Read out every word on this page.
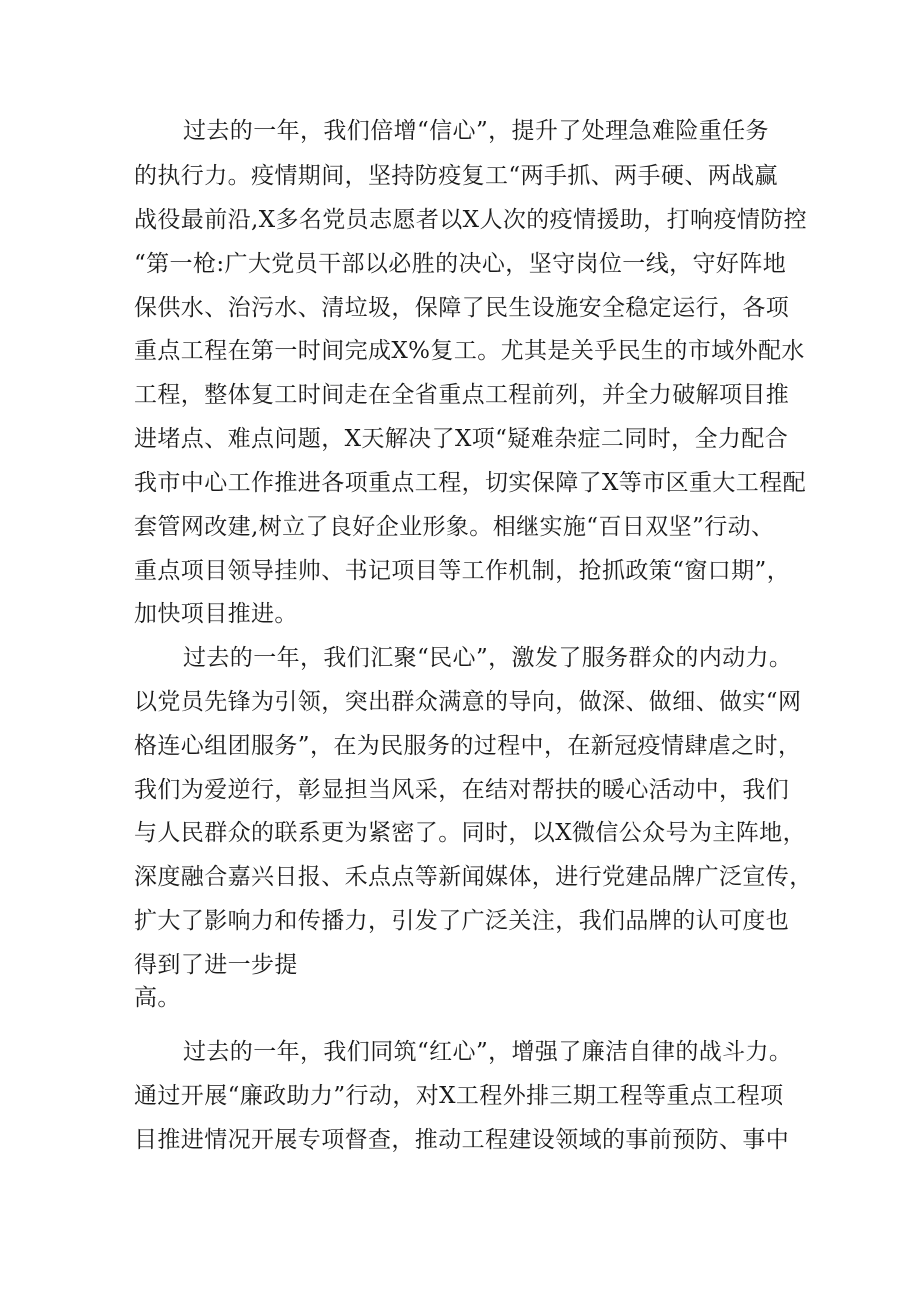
过去的一年，我们倍增“信心”，提升了处理急难险重任务

的执行力。疫情期间，坚持防疫复工“两手抓、两手硬、两战赢

战役最前沿,X多名党员志愿者以X人次的疫情援助，打响疫情防控

“第一枪:广大党员干部以必胜的决心，坚守岗位一线，守好阵地

保供水、治污水、清垃圾，保障了民生设施安全稳定运行，各项

重点工程在第一时间完成X%复工。尤其是关乎民生的市域外配水

工程，整体复工时间走在全省重点工程前列，并全力破解项目推

进堵点、难点问题，X天解决了X项“疑难杂症二同时，全力配合

我市中心工作推进各项重点工程，切实保障了X等市区重大工程配

套管网改建,树立了良好企业形象。相继实施“百日双坚”行动、

重点项目领导挂帅、书记项目等工作机制，抢抓政策“窗口期”，

加快项目推进。

过去的一年，我们汇聚“民心”，激发了服务群众的内动力。

以党员先锋为引领，突出群众满意的导向，做深、做细、做实“网

格连心组团服务”，在为民服务的过程中，在新冠疫情肆虐之时，

我们为爱逆行，彰显担当风采，在结对帮扶的暖心活动中，我们

与人民群众的联系更为紧密了。同时，以X微信公众号为主阵地，

深度融合嘉兴日报、禾点点等新闻媒体，进行党建品牌广泛宣传，

扩大了影响力和传播力，引发了广泛关注，我们品牌的认可度也

得到了进一步提

高。

过去的一年，我们同筑“红心”，增强了廉洁自律的战斗力。

通过开展“廉政助力”行动，对X工程外排三期工程等重点工程项

目推进情况开展专项督查，推动工程建设领域的事前预防、事中
